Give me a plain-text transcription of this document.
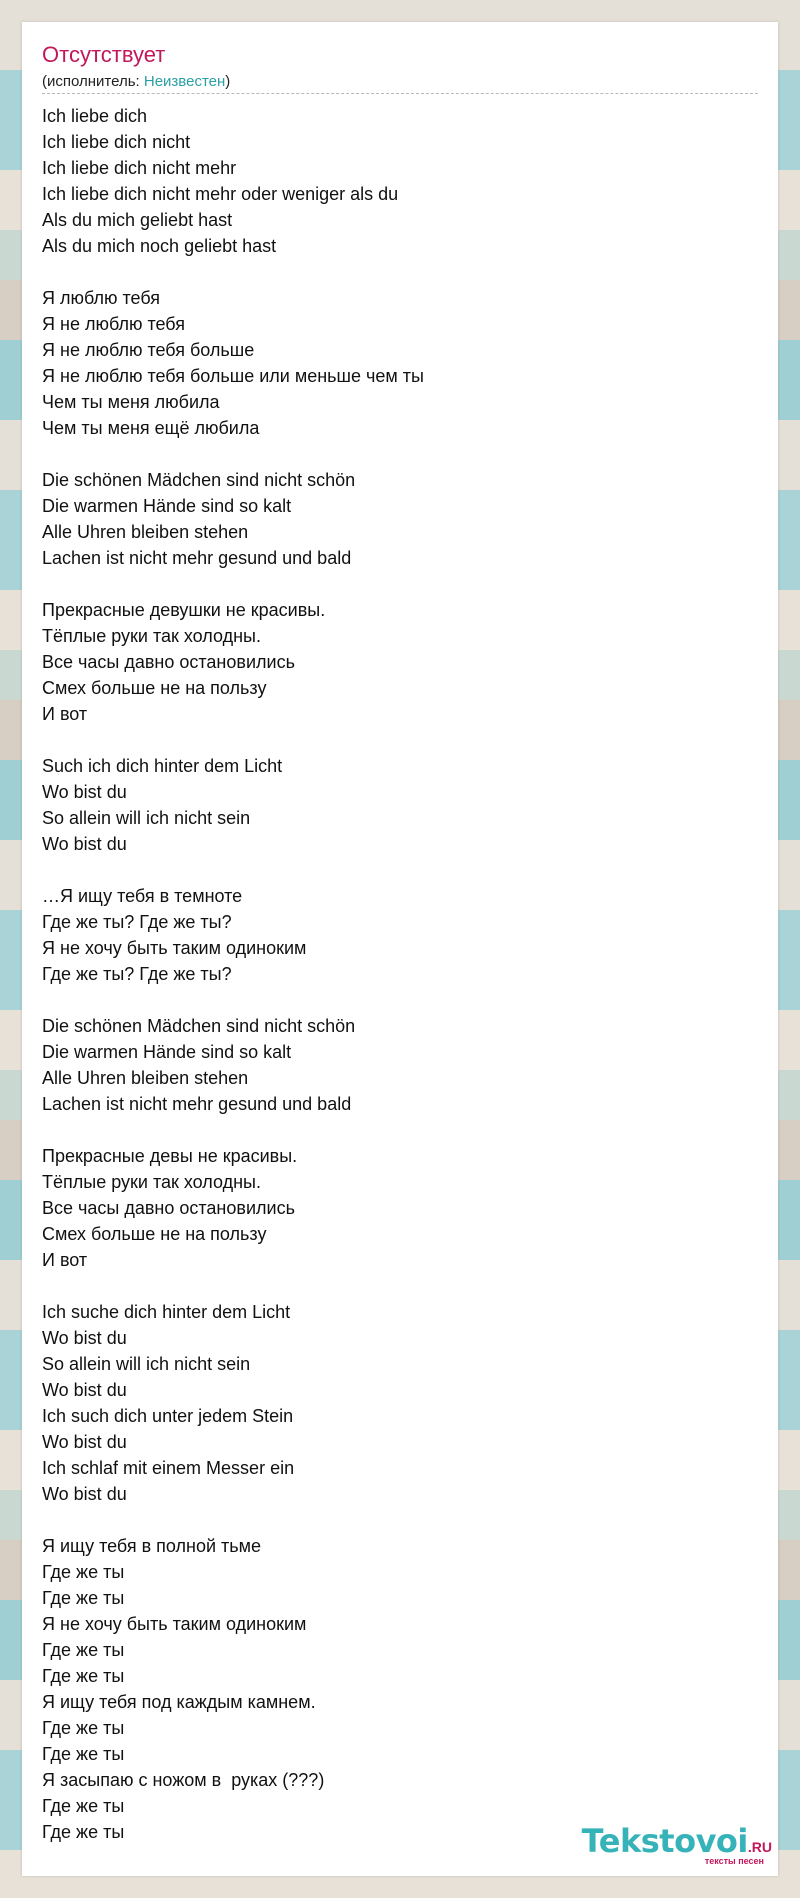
Отсутствует
(исполнитель: Неизвестен)
Ich liebe dich
Ich liebe dich nicht
Ich liebe dich nicht mehr
Ich liebe dich nicht mehr oder weniger als du
Als du mich geliebt hast
Als du mich noch geliebt hast
Я люблю тебя
Я не люблю тебя
Я не люблю тебя больше
Я не люблю тебя больше или меньше чем ты
Чем ты меня любила
Чем ты меня ещё любила
Die schönen Mädchen sind nicht schön
Die warmen Hände sind so kalt
Alle Uhren bleiben stehen
Lachen ist nicht mehr gesund und bald
Прекрасные девушки не красивы.
Тёплые руки так холодны.
Все часы давно остановились
Смех больше не на пользу
И вот
Such ich dich hinter dem Licht
Wo bist du
So allein will ich nicht sein
Wo bist du
…Я ищу тебя в темноте
Где же ты? Где же ты?
Я не хочу быть таким одиноким
Где же ты? Где же ты?
Die schönen Mädchen sind nicht schön
Die warmen Hände sind so kalt
Alle Uhren bleiben stehen
Lachen ist nicht mehr gesund und bald
Прекрасные девы не красивы.
Тёплые руки так холодны.
Все часы давно остановились
Смех больше не на пользу
И вот
Ich suche dich hinter dem Licht
Wo bist du
So allein will ich nicht sein
Wo bist du
Ich such dich unter jedem Stein
Wo bist du
Ich schlaf mit einem Messer ein
Wo bist du
Я ищу тебя в полной тьме
Где же ты
Где же ты
Я не хочу быть таким одиноким
Где же ты
Где же ты
Я ищу тебя под каждым камнем.
Где же ты
Где же ты
Я засыпаю с ножом в  руках (???)
Где же ты
Где же ты	Tekstovoi.RU
тексты песен
